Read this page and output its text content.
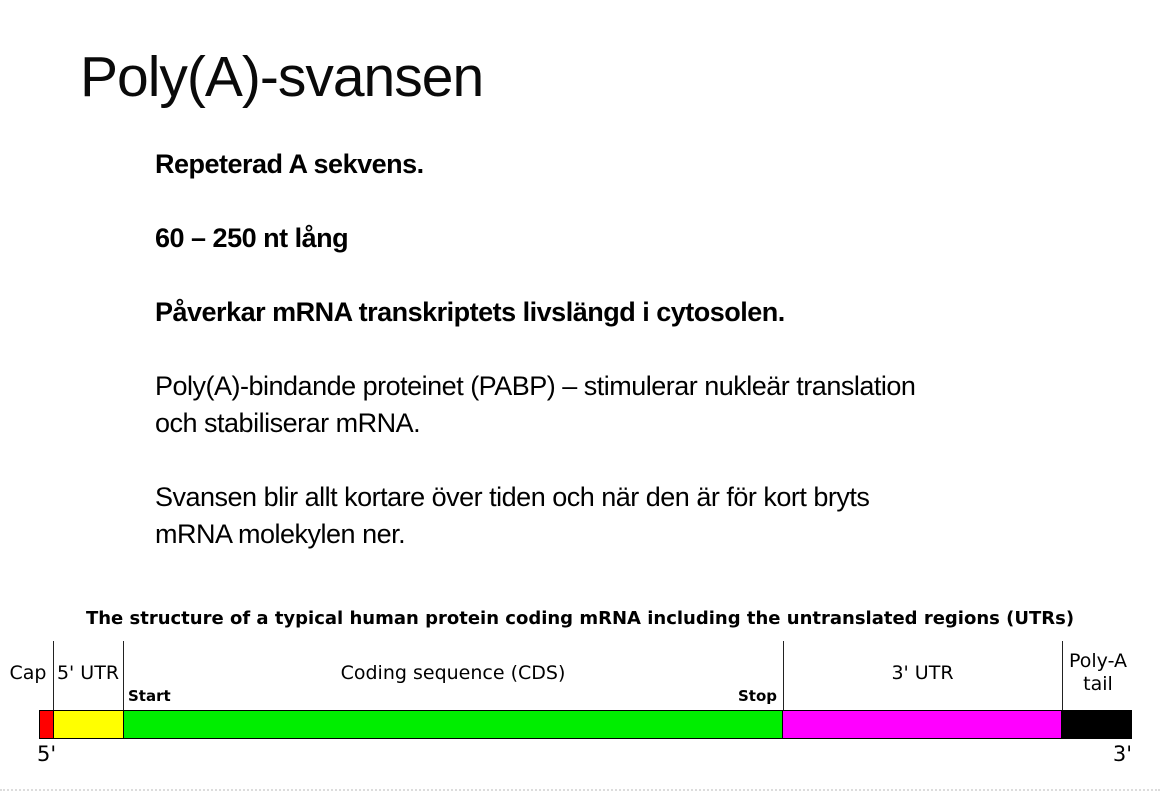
Poly(A)-svansen
Repeterad A sekvens.
60 – 250 nt lång
Påverkar mRNA transkriptets livslängd i cytosolen.
Poly(A)-bindande proteinet (PABP) – stimulerar nukleär translation
och stabiliserar mRNA.
Svansen blir allt kortare över tiden och när den är för kort bryts
mRNA molekylen ner.
The structure of a typical human protein coding mRNA including the untranslated regions (UTRs)
Cap 5' UTR	Coding sequence (CDS)	3' UTR
Poly-A
tail
Start	Stop
5'	3'
